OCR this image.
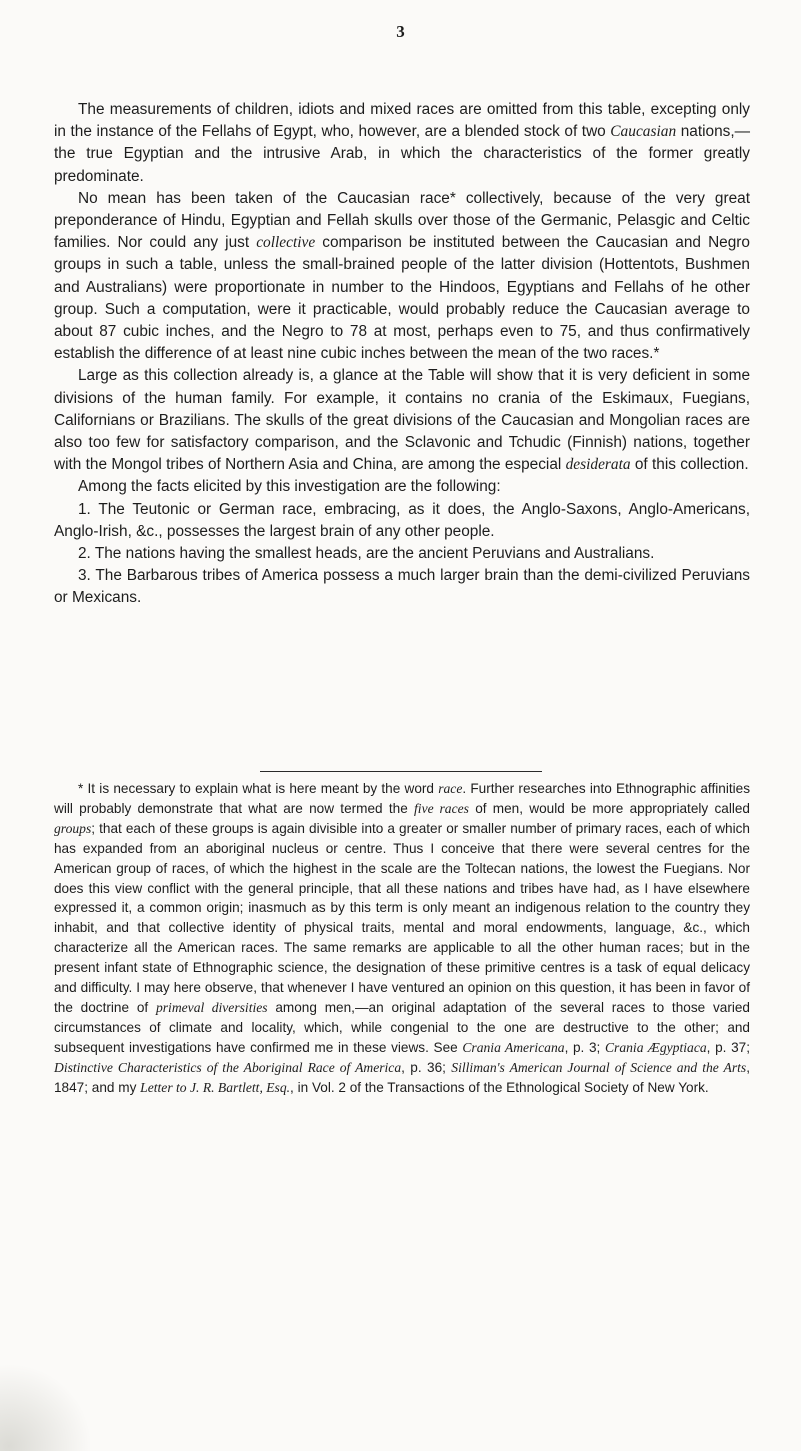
3

The measurements of children, idiots and mixed races are omitted from this table, excepting only in the instance of the Fellahs of Egypt, who, however, are a blended stock of two Caucasian nations,—the true Egyptian and the intrusive Arab, in which the characteristics of the former greatly predominate.

No mean has been taken of the Caucasian race* collectively, because of the very great preponderance of Hindu, Egyptian and Fellah skulls over those of the Germanic, Pelasgic and Celtic families. Nor could any just collective comparison be instituted between the Caucasian and Negro groups in such a table, unless the small-brained people of the latter division (Hottentots, Bushmen and Australians) were proportionate in number to the Hindoos, Egyptians and Fellahs of he other group. Such a computation, were it practicable, would probably reduce the Caucasian average to about 87 cubic inches, and the Negro to 78 at most, perhaps even to 75, and thus confirmatively establish the difference of at least nine cubic inches between the mean of the two races.*

Large as this collection already is, a glance at the Table will show that it is very deficient in some divisions of the human family. For example, it contains no crania of the Eskimaux, Fuegians, Californians or Brazilians. The skulls of the great divisions of the Caucasian and Mongolian races are also too few for satisfactory comparison, and the Sclavonic and Tchudic (Finnish) nations, together with the Mongol tribes of Northern Asia and China, are among the especial desiderata of this collection.

Among the facts elicited by this investigation are the following:

1. The Teutonic or German race, embracing, as it does, the Anglo-Saxons, Anglo-Americans, Anglo-Irish, &c., possesses the largest brain of any other people.

2. The nations having the smallest heads, are the ancient Peruvians and Australians.

3. The Barbarous tribes of America possess a much larger brain than the demi-civilized Peruvians or Mexicans.

* It is necessary to explain what is here meant by the word race. Further researches into Ethnographic affinities will probably demonstrate that what are now termed the five races of men, would be more appropriately called groups; that each of these groups is again divisible into a greater or smaller number of primary races, each of which has expanded from an aboriginal nucleus or centre. Thus I conceive that there were several centres for the American group of races, of which the highest in the scale are the Toltecan nations, the lowest the Fuegians. Nor does this view conflict with the general principle, that all these nations and tribes have had, as I have elsewhere expressed it, a common origin; inasmuch as by this term is only meant an indigenous relation to the country they inhabit, and that collective identity of physical traits, mental and moral endowments, language, &c., which characterize all the American races. The same remarks are applicable to all the other human races; but in the present infant state of Ethnographic science, the designation of these primitive centres is a task of equal delicacy and difficulty. I may here observe, that whenever I have ventured an opinion on this question, it has been in favor of the doctrine of primeval diversities among men,—an original adaptation of the several races to those varied circumstances of climate and locality, which, while congenial to the one are destructive to the other; and subsequent investigations have confirmed me in these views. See Crania Americana, p. 3; Crania Ægyptiaca, p. 37; Distinctive Characteristics of the Aboriginal Race of America, p. 36; Silliman's American Journal of Science and the Arts, 1847; and my Letter to J. R. Bartlett, Esq., in Vol. 2 of the Transactions of the Ethnological Society of New York.
